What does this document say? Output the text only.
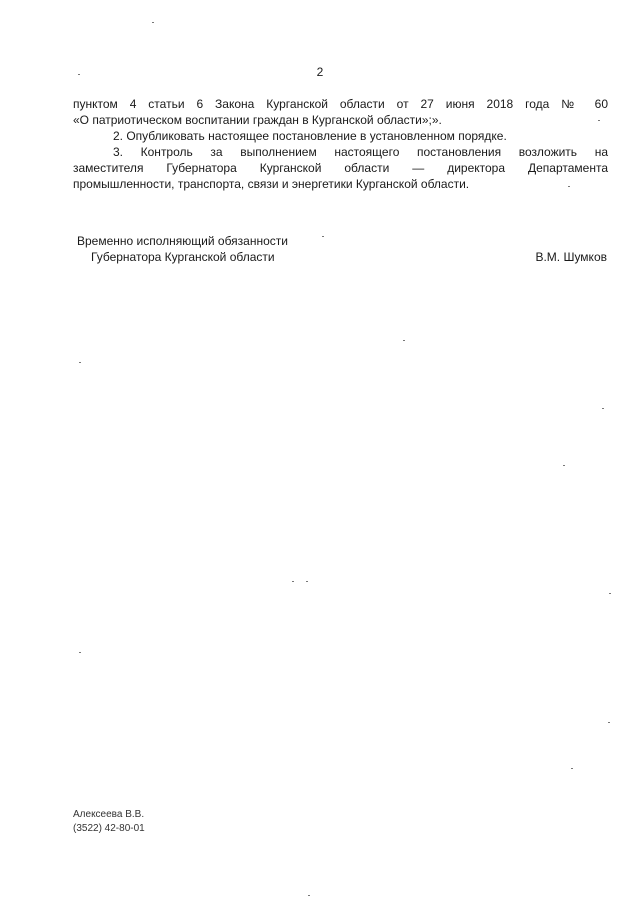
2
пунктом 4 статьи 6 Закона Курганской области от 27 июня 2018 года № 60
«О патриотическом воспитании граждан в Курганской области»;».
2. Опубликовать настоящее постановление в установленном порядке.
3. Контроль за выполнением настоящего постановления возложить на
заместителя Губернатора Курганской области — директора Департамента
промышленности, транспорта, связи и энергетики Курганской области.
Временно исполняющий обязанности
Губернатора Курганской области	В.М. Шумков
Алексеева В.В.
(3522) 42-80-01
